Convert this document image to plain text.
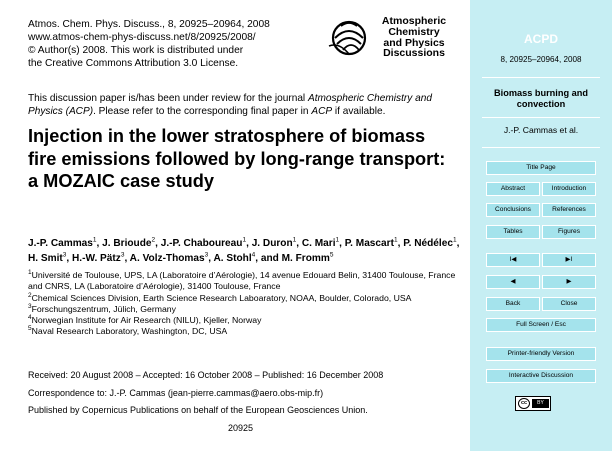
Atmos. Chem. Phys. Discuss., 8, 20925–20964, 2008
www.atmos-chem-phys-discuss.net/8/20925/2008/
© Author(s) 2008. This work is distributed under
the Creative Commons Attribution 3.0 License.
Atmospheric
Chemistry
and Physics
Discussions
This discussion paper is/has been under review for the journal Atmospheric Chemistry and Physics (ACP). Please refer to the corresponding final paper in ACP if available.
Injection in the lower stratosphere of biomass fire emissions followed by long-range transport: a MOZAIC case study
J.-P. Cammas$^1$, J. Brioude$^2$, J.-P. Chaboureau$^1$, J. Duron$^1$, C. Mari$^1$, P. Mascart$^1$, P. Nédélec$^1$, H. Smit$^3$, H.-W. Pätz$^3$, A. Volz-Thomas$^3$, A. Stohl$^4$, and M. Fromm$^5$
$^1$Université de Toulouse, UPS, LA (Laboratoire d’Aérologie), 14 avenue Edouard Belin, 31400 Toulouse, France and CNRS, LA (Laboratoire d’Aérologie), 31400 Toulouse, France
$^2$Chemical Sciences Division, Earth Science Research Laboaratory, NOAA, Boulder, Colorado, USA
$^3$Forschungszentrum, Jülich, Germany
$^4$Norwegian Institute for Air Research (NILU), Kjeller, Norway
$^5$Naval Research Laboratory, Washington, DC, USA
Received: 20 August 2008 – Accepted: 16 October 2008 – Published: 16 December 2008
Correspondence to: J.-P. Cammas (jean-pierre.cammas@aero.obs-mip.fr)
Published by Copernicus Publications on behalf of the European Geosciences Union.
20925
ACPD
8, 20925–20964, 2008
Biomass burning and convection
J.-P. Cammas et al.
Title Page
Abstract	Introduction
Conclusions	References
Tables	Figures
I◀	▶I
◀	▶
Back	Close
Full Screen / Esc
Printer-friendly Version
Interactive Discussion
cc	BY
